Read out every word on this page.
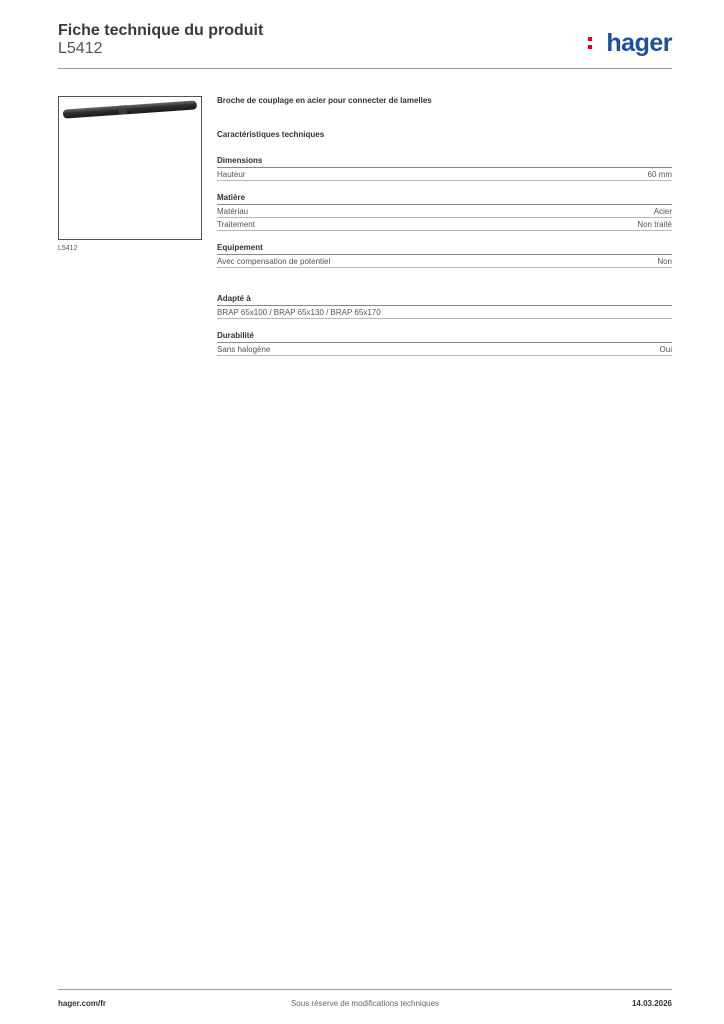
Fiche technique du produit
L5412	hager
L5412
Broche de couplage en acier pour connecter de lamelles
Caractéristiques techniques
Dimensions
Hauteur	60 mm
Matière
Matériau	Acier
Traitement	Non traité
Equipement
Avec compensation de potentiel	Non
Adapté à
BRAP 65x100 / BRAP 65x130 / BRAP 65x170
Durabilité
Sans halogène	Oui
Sous réserve de modifications techniques
hager.com/fr	14.03.2026
